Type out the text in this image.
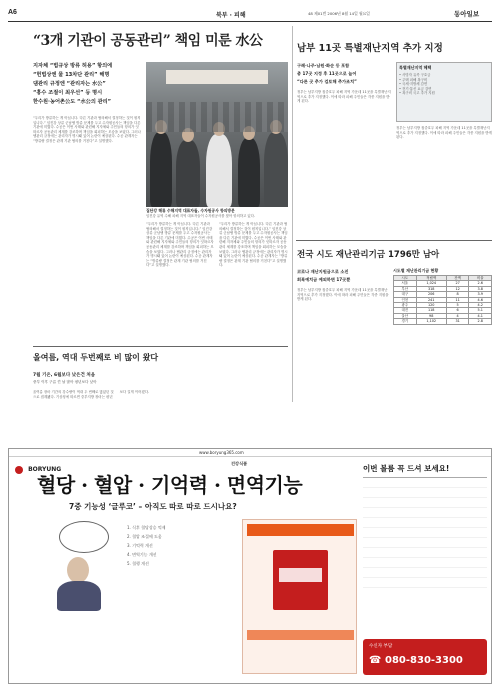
A6	북부 · 피해	48 제01번 2006년 8월 14일 월요일	동아일보
“3개 기관이 공동관리” 책임 미룬 水公
지자체 “법규상 방류 허용” 항의에
“헌법상엔 물 13차단 관리” 해명
댐관리 규정엔 “관리자는 水公”
“홍수 조절이 최우선” 등 명시
한수원·농어촌公도 “水公의 관리”

“우리가 방류하는 게 아닙니다. 다른 기관과 협의해서 결정하는 것이 원칙입니다.” 임진강 상류 군남댐 방류 문제를 두고 수자원공사는 책임을 다른 기관에 미뤘다. 수공은 이번 사태와 관련해 지자체와 주민들의 항의가 잇따르자 공동관리 체계를 강조하며 책임을 회피하는 모습을 보였다. 그러나 댐관리 규정에는 관리자가 명시돼 있어 논란이 예상된다. 수공 관계자는 “방류량 결정은 관계 기관 협의를 거친다”고 설명했다.

집단강 해류 수해지역 대표자들, 수자원공사 항의방문
임진강 유역 수해 피해 지역 대표자들이 수자원공사를 찾아 항의하고 있다.

“우리가 방류하는 게 아닙니다. 다른 기관과 협의해서 결정하는 것이 원칙입니다.” 임진강 상류 군남댐 방류 문제를 두고 수자원공사는 책임을 다른 기관에 미뤘다. 수공은 이번 사태와 관련해 지자체와 주민들의 항의가 잇따르자 공동관리 체계를 강조하며 책임을 회피하는 모습을 보였다. 그러나 댐관리 규정에는 관리자가 명시돼 있어 논란이 예상된다. 수공 관계자는 “방류량 결정은 관계 기관 협의를 거친다”고 설명했다.

“우리가 방류하는 게 아닙니다. 다른 기관과 협의해서 결정하는 것이 원칙입니다.” 임진강 상류 군남댐 방류 문제를 두고 수자원공사는 책임을 다른 기관에 미뤘다. 수공은 이번 사태와 관련해 지자체와 주민들의 항의가 잇따르자 공동관리 체계를 강조하며 책임을 회피하는 모습을 보였다. 그러나 댐관리 규정에는 관리자가 명시돼 있어 논란이 예상된다. 수공 관계자는 “방류량 결정은 관계 기관 협의를 거친다”고 설명했다.

남부 11곳 특별재난지역 추가 지정
구례·나주·남원·화순 등 포함
총 17곳 지정 후 11곳으로 늘어
“다른 곳 추가 검토해 추가조치”

정부는 남부지방 집중호우 피해 지역 가운데 11곳을 특별재난지역으로 추가 지정했다. 이에 따라 피해 주민들은 각종 지원을 받게 된다.

특별재난지역 혜택
• 사망자 유족 구호금
• 주택 피해 복구비
• 국세·지방세 감면
• 전기·통신 요금 감면
• 복구비 국고 추가 지원

정부는 남부지방 집중호우 피해 지역 가운데 11곳을 특별재난지역으로 추가 지정했다. 이에 따라 피해 주민들은 각종 지원을 받게 된다.

전국 시도 재난관리기금 1796만 남아
코로나 재난지원금으로 소진
회복예치금 예외하면 17곳뿐

정부는 남부지방 집중호우 피해 지역 가운데 11곳을 특별재난지역으로 추가 지정했다. 이에 따라 피해 주민들은 각종 지원을 받게 된다.

시도별 재난관리기금 현황
시도	적립액	잔액	비율
서울	1,024	27	2.6
부산	318	12	3.8
대구	206	8	3.9
인천	241	11	4.6
광주	120	5	4.2
대전	118	6	5.1
울산	98	4	4.1
경기	1,102	31	2.8
올여름, 역대 두번째로 비 많이 왔다

올여름 장마 기간의 강수량이 역대 두 번째로 많았던 것으로 집계됐다. 기상청에 따르면 중부지방 장마는 평년보다 길게 이어졌다.

7월 기온, 6월보다 낮은건 처음
중부 이후 구름 낀 날 많아 평년보다 낮아
www.boryung365.com
BORYUNG
건강식품
혈당 · 혈압 · 기억력 · 면역기능
7중 기능성 ‘글루코’ – 아직도 따로 따로 드시나요?
1. 식후 혈당상승 억제
2. 혈압 조절에 도움
3. 기억력 개선
4. 면역기능 개선
5. 혈행 개선
이번 볼룸 꼭 드셔 보세요!
수신자 부담
☎ 080-830-3300
